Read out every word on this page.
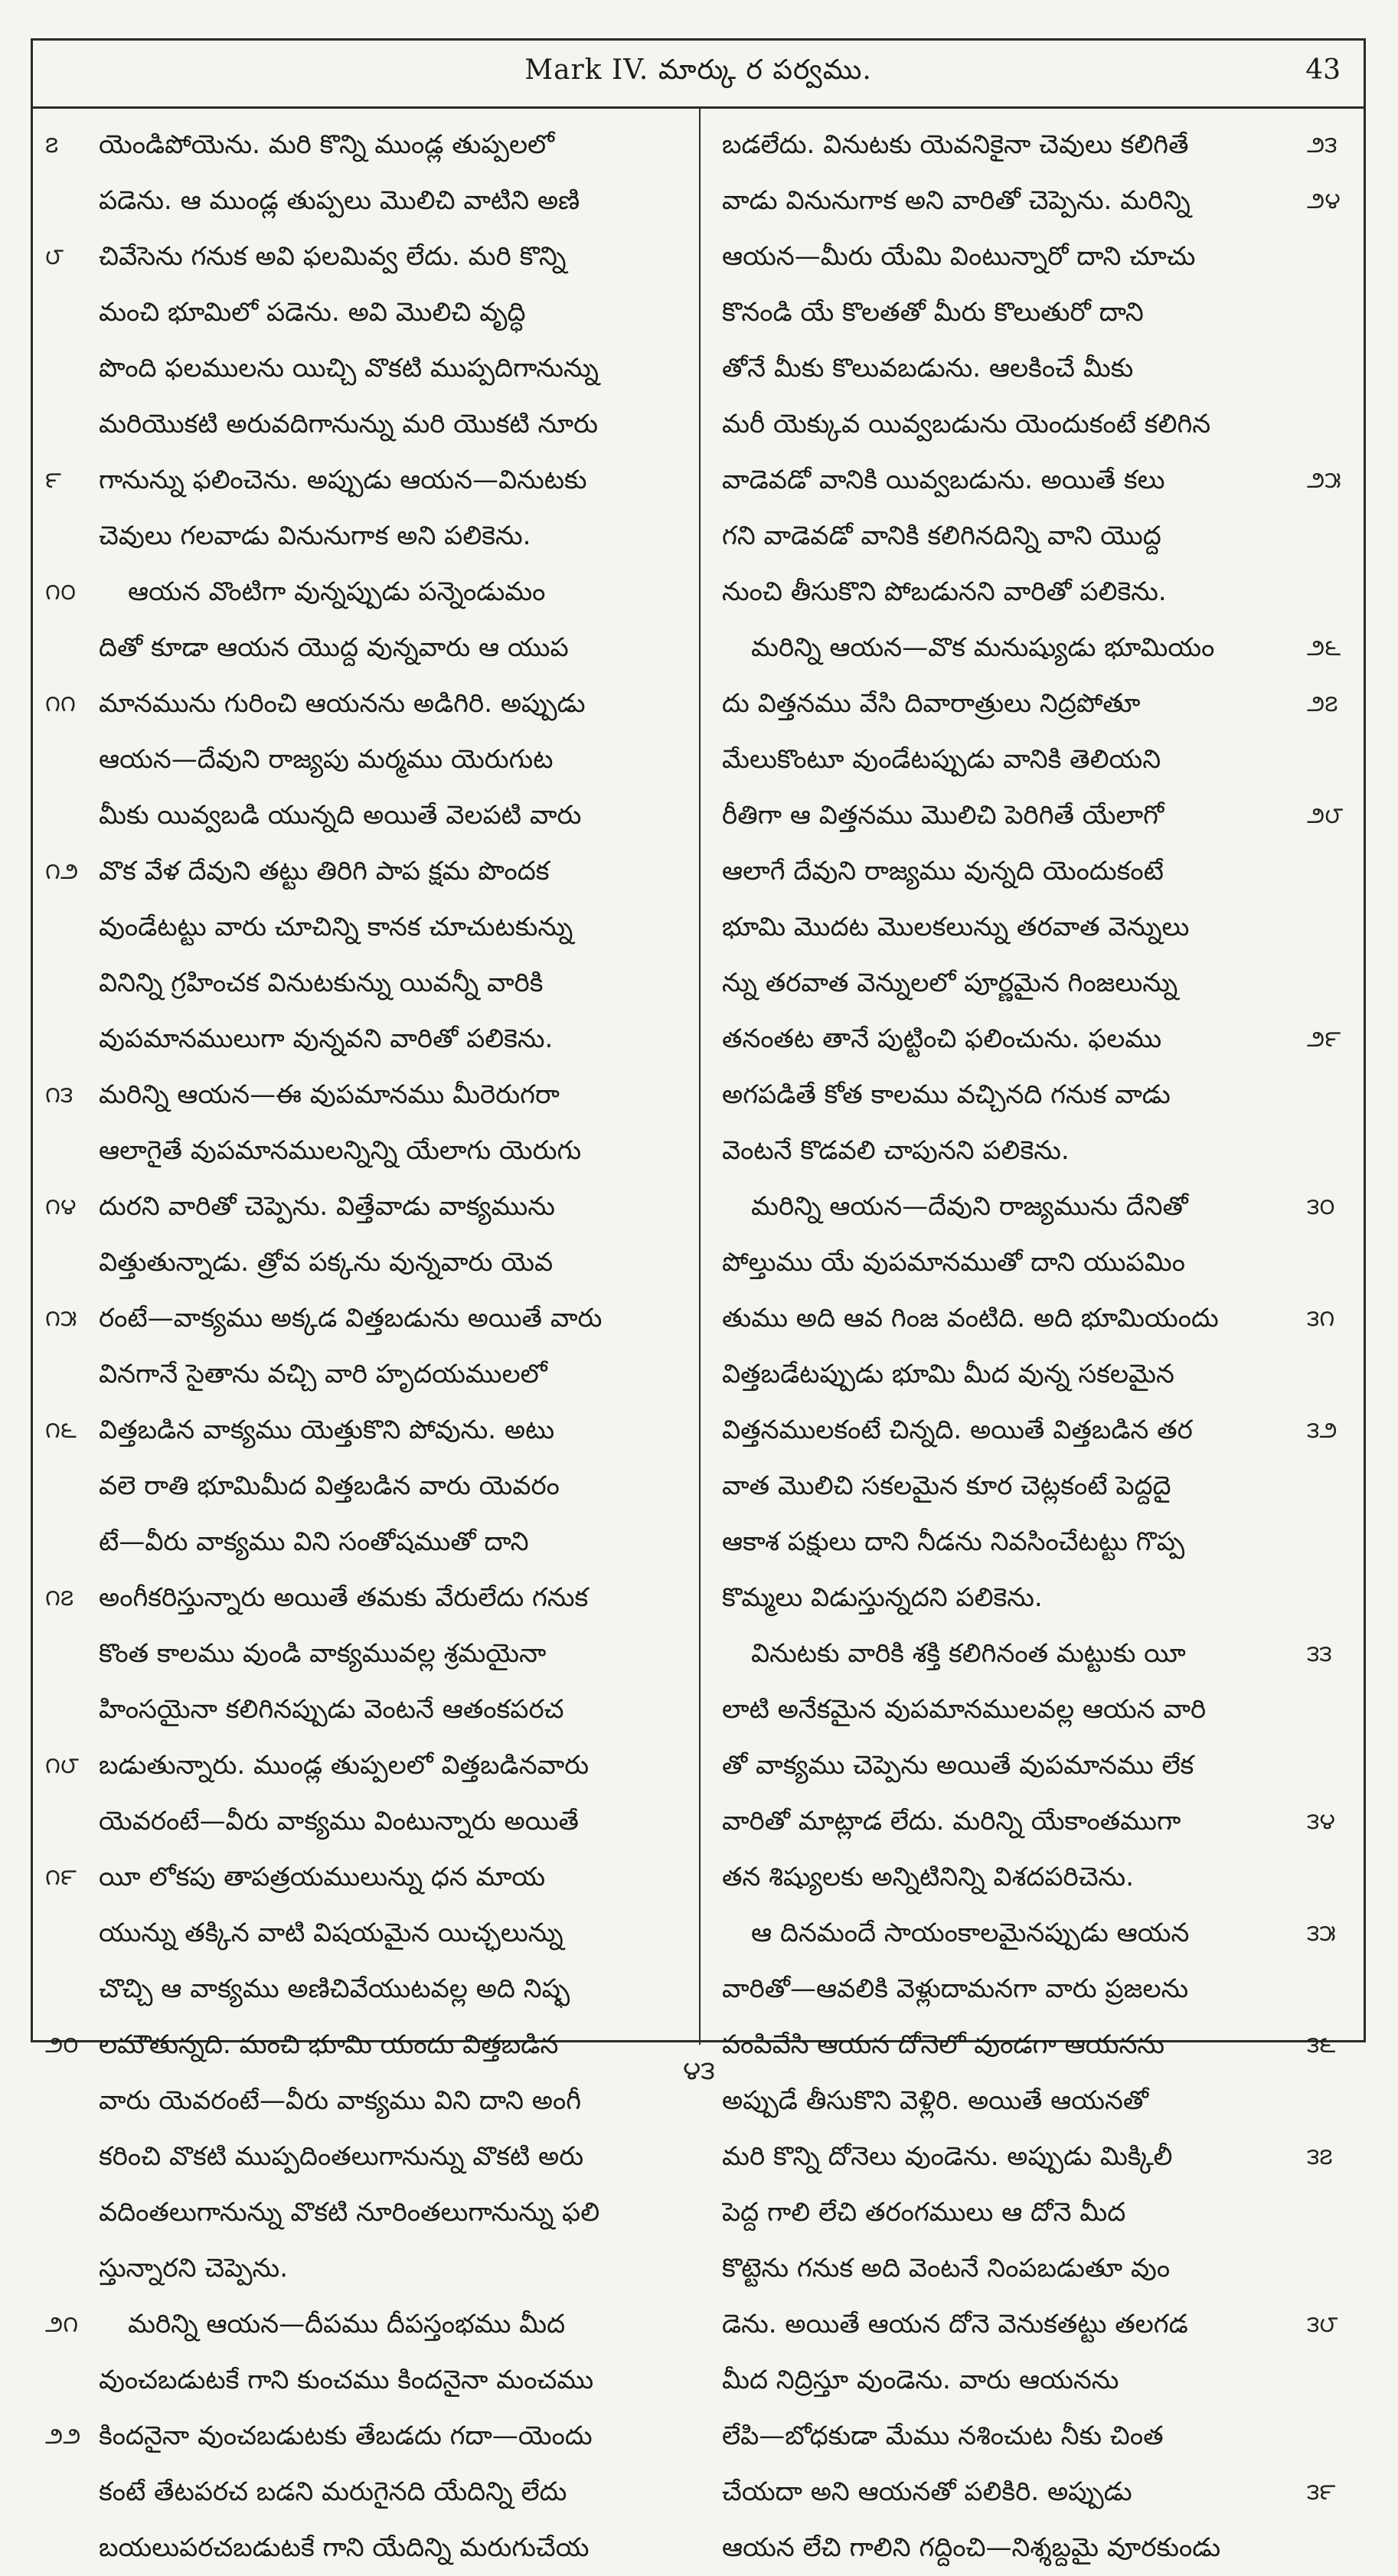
Mark IV. మార్కు ర పర్వము.	43
౭	యెండిపోయెను. మరి కొన్ని ముండ్ల తుప్పలలో
పడెను. ఆ ముండ్ల తుప్పలు మొలిచి వాటిని అణి
౮	చివేసెను గనుక అవి ఫలమివ్వ లేదు. మరి కొన్ని
మంచి భూమిలో పడెను. అవి మొలిచి వృద్ధి
పొంది ఫలములను యిచ్చి వొకటి ముప్పదిగానున్ను
మరియొకటి అరువదిగానున్ను మరి యొకటి నూరు
౯	గానున్ను ఫలించెను. అప్పుడు ఆయన—వినుటకు
చెవులు గలవాడు వినునుగాక అని పలికెను.
౧౦	ఆయన వొంటిగా వున్నప్పుడు పన్నెండుమం
దితో కూడా ఆయన యొద్ద వున్నవారు ఆ యుప
౧౧ మానమును గురించి ఆయనను అడిగిరి. అప్పుడు
ఆయన—దేవుని రాజ్యపు మర్మము యెరుగుట
మీకు యివ్వబడి యున్నది అయితే వెలపటి వారు
౧౨ వొక వేళ దేవుని తట్టు తిరిగి పాప క్షమ పొందక
వుండేటట్టు వారు చూచిన్ని కానక చూచుటకున్ను
వినిన్ని గ్రహించక వినుటకున్ను యివన్నీ వారికి
వుపమానములుగా వున్నవని వారితో పలికెను.
౧౩ మరిన్ని ఆయన—ఈ వుపమానము మీరెరుగరా
ఆలాగైతే వుపమానములన్నిన్ని యేలాగు యెరుగు
౧౪ దురని వారితో చెప్పెను. విత్తేవాడు వాక్యమును
విత్తుతున్నాడు. త్రోవ పక్కను వున్నవారు యెవ
౧౫ రంటే—వాక్యము అక్కడ విత్తబడును అయితే వారు
వినగానే సైతాను వచ్చి వారి హృదయములలో
౧౬ విత్తబడిన వాక్యము యెత్తుకొని పోవును. అటు
వలె రాతి భూమిమీద విత్తబడిన వారు యెవరం
టే—వీరు వాక్యము విని సంతోషముతో దాని
౧౭ అంగీకరిస్తున్నారు అయితే తమకు వేరులేదు గనుక
కొంత కాలము వుండి వాక్యమువల్ల శ్రమయైనా
హింసయైనా కలిగినప్పుడు వెంటనే ఆతంకపరచ
౧౮ బడుతున్నారు. ముండ్ల తుప్పలలో విత్తబడినవారు
యెవరంటే—వీరు వాక్యము వింటున్నారు అయితే
౧౯ యీ లోకపు తాపత్రయములున్ను ధన మాయ
యున్ను తక్కిన వాటి విషయమైన యిచ్ఛలున్ను
చొచ్చి ఆ వాక్యము అణిచివేయుటవల్ల అది నిష్ఫ
౨౦ లమౌతున్నది. మంచి భూమి యందు విత్తబడిన
వారు యెవరంటే—వీరు వాక్యము విని దాని అంగీ
కరించి వొకటి ముప్పదింతలుగానున్ను వొకటి అరు
వదింతలుగానున్ను వొకటి నూరింతలుగానున్ను ఫలి
స్తున్నారని చెప్పెను.
౨౧	మరిన్ని ఆయన—దీపము దీపస్తంభము మీద
వుంచబడుటకే గాని కుంచము కిందనైనా మంచము
౨౨ కిందనైనా వుంచబడుటకు తేబడదు గదా—యెందు
కంటే తేటపరచ బడని మరుగైనది యేదిన్ని లేదు
బయలుపరచబడుటకే గాని యేదిన్ని మరుగుచేయ
౨౩
బడలేదు. వినుటకు యెవనికైనా చెవులు కలిగితే
౨౪
వాడు వినునుగాక అని వారితో చెప్పెను. మరిన్ని
ఆయన—మీరు యేమి వింటున్నారో దాని చూచు
కొనండి యే కొలతతో మీరు కొలుతురో దాని
తోనే మీకు కొలువబడును. ఆలకించే మీకు
మరీ యెక్కువ యివ్వబడును యెందుకంటే కలిగిన
౨౫
వాడెవడో వానికి యివ్వబడును. అయితే కలు
గని వాడెవడో వానికి కలిగినదిన్ని వాని యొద్ద
నుంచి తీసుకొని పోబడునని వారితో పలికెను.
౨౬
మరిన్ని ఆయన—వొక మనుష్యుడు భూమియం
౨౭
దు విత్తనము వేసి దివారాత్రులు నిద్రపోతూ
మేలుకొంటూ వుండేటప్పుడు వానికి తెలియని
౨౮
రీతిగా ఆ విత్తనము మొలిచి పెరిగితే యేలాగో
ఆలాగే దేవుని రాజ్యము వున్నది యెందుకంటే
భూమి మొదట మొలకలున్ను తరవాత వెన్నులు
న్ను తరవాత వెన్నులలో పూర్ణమైన గింజలున్ను
౨౯
తనంతట తానే పుట్టించి ఫలించును. ఫలము
అగపడితే కోత కాలము వచ్చినది గనుక వాడు
వెంటనే కొడవలి చాపునని పలికెను.
౩౦
మరిన్ని ఆయన—దేవుని రాజ్యమును దేనితో
పోల్తుము యే వుపమానముతో దాని యుపమిం
౩౧
తుము అది ఆవ గింజ వంటిది. అది భూమియందు
విత్తబడేటప్పుడు భూమి మీద వున్న సకలమైన
౩౨
విత్తనములకంటే చిన్నది. అయితే విత్తబడిన తర
వాత మొలిచి సకలమైన కూర చెట్లకంటే పెద్దదై
ఆకాశ పక్షులు దాని నీడను నివసించేటట్టు గొప్ప
కొమ్మలు విడుస్తున్నదని పలికెను.
౩౩
వినుటకు వారికి శక్తి కలిగినంత మట్టుకు యీ
లాటి అనేకమైన వుపమానములవల్ల ఆయన వారి
తో వాక్యము చెప్పెను అయితే వుపమానము లేక
౩౪
వారితో మాట్లాడ లేదు. మరిన్ని యేకాంతముగా
తన శిష్యులకు అన్నిటినిన్ని విశదపరిచెను.
౩౫
ఆ దినమందే సాయంకాలమైనప్పుడు ఆయన
వారితో—ఆవలికి వెళ్లుదామనగా వారు ప్రజలను
౩౬
పంపివేసి ఆయన దోనెలో వుండగా ఆయనను
అప్పుడే తీసుకొని వెళ్లిరి. అయితే ఆయనతో
౩౭
మరి కొన్ని దోనెలు వుండెను. అప్పుడు మిక్కిలీ
పెద్ద గాలి లేచి తరంగములు ఆ దోనె మీద
కొట్టెను గనుక అది వెంటనే నింపబడుతూ వుం
౩౮
డెను. అయితే ఆయన దోనె వెనుకతట్టు తలగడ
మీద నిద్రిస్తూ వుండెను. వారు ఆయనను
లేపి—బోధకుడా మేము నశించుట నీకు చింత
౩౯
చేయదా అని ఆయనతో పలికిరి. అప్పుడు
ఆయన లేచి గాలిని గద్దించి—నిశ్శబ్దమై వూరకుండు
౪౩
